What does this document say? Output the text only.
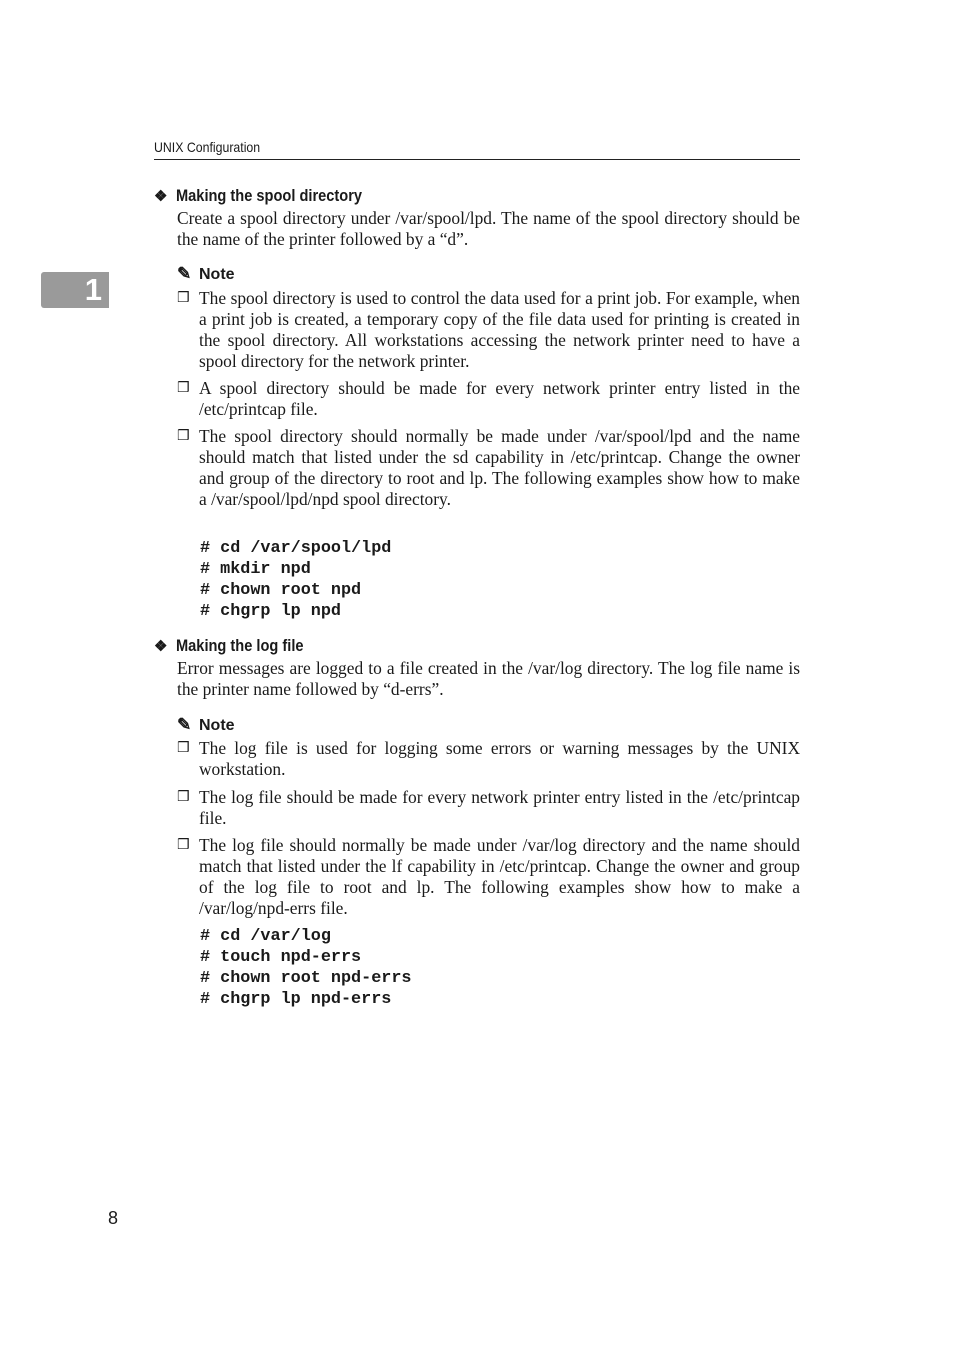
UNIX Configuration
1
❖ Making the spool directory
Create a spool directory under /var/spool/lpd. The name of the spool directory should be the name of the printer followed by a “d”.
✎ Note
❒ The spool directory is used to control the data used for a print job. For example, when a print job is created, a temporary copy of the file data used for printing is created in the spool directory. All workstations accessing the network printer need to have a spool directory for the network printer.
❒ A spool directory should be made for every network printer entry listed in the /etc/printcap file.
❒ The spool directory should normally be made under /var/spool/lpd and the name should match that listed under the sd capability in /etc/printcap. Change the owner and group of the directory to root and lp. The following examples show how to make a /var/spool/lpd/npd spool directory.
# cd /var/spool/lpd
# mkdir npd
# chown root npd
# chgrp lp npd
❖ Making the log file
Error messages are logged to a file created in the /var/log directory. The log file name is the printer name followed by “d-errs”.
✎ Note
❒ The log file is used for logging some errors or warning messages by the UNIX workstation.
❒ The log file should be made for every network printer entry listed in the /etc/printcap file.
❒ The log file should normally be made under /var/log directory and the name should match that listed under the lf capability in /etc/printcap. Change the owner and group of the log file to root and lp. The following examples show how to make a /var/log/npd-errs file.
# cd /var/log
# touch npd-errs
# chown root npd-errs
# chgrp lp npd-errs
8
